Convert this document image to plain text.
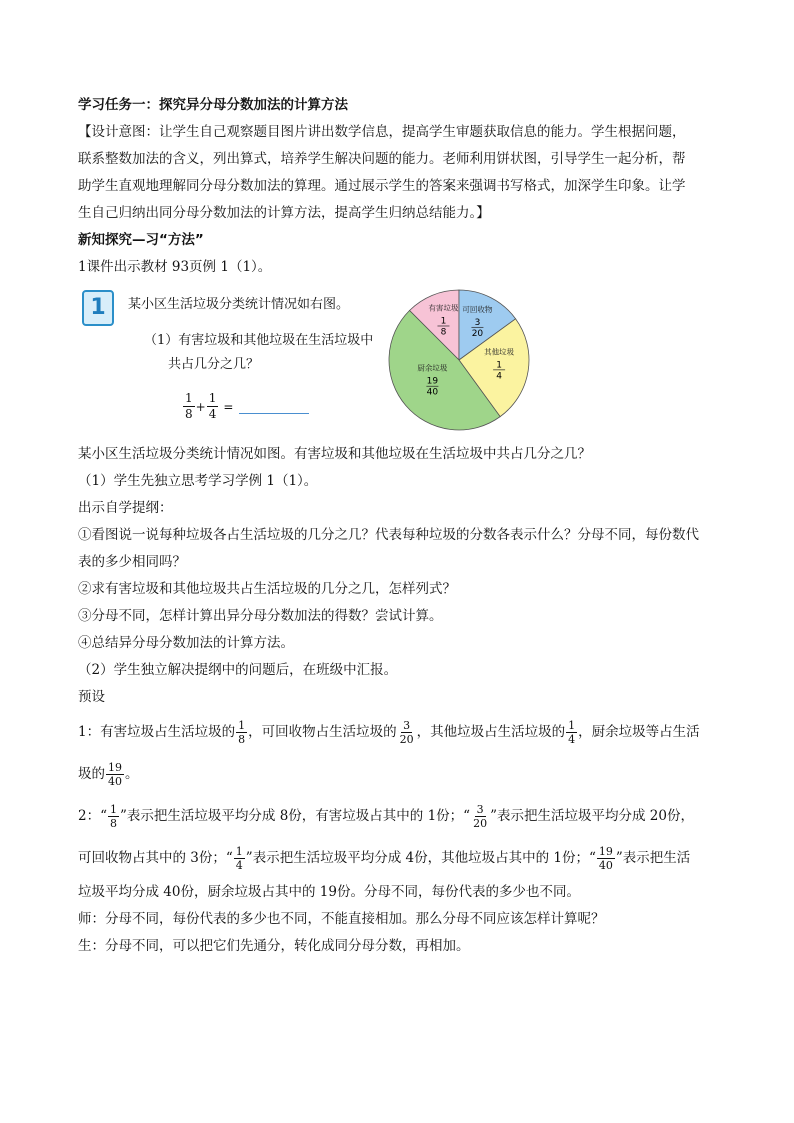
学习任务一：探究异分母分数加法的计算方法
【设计意图：让学生自己观察题目图片讲出数学信息，提高学生审题获取信息的能力。学生根据问题，
联系整数加法的含义，列出算式，培养学生解决问题的能力。老师利用饼状图，引导学生一起分析，帮
助学生直观地理解同分母分数加法的算理。通过展示学生的答案来强调书写格式，加深学生印象。让学
生自己归纳出同分母分数加法的计算方法，提高学生归纳总结能力。】
新知探究—习“方法”
1课件出示教材 93页例 1（1）。
1	某小区生活垃圾分类统计情况如右图。
（1）有害垃圾和其他垃圾在生活垃圾中
共占几分之几？
$\frac{1}{8} + \frac{1}{4}$ =
有害垃圾
1
8
可回收物
3
20
其他垃圾
1
4
厨余垃圾
19
40
某小区生活垃圾分类统计情况如图。有害垃圾和其他垃圾在生活垃圾中共占几分之几？
（1）学生先独立思考学习学例 1（1）。
出示自学提纲：
①看图说一说每种垃圾各占生活垃圾的几分之几？代表每种垃圾的分数各表示什么？分母不同，每份数代
表的多少相同吗？
②求有害垃圾和其他垃圾共占生活垃圾的几分之几，怎样列式？
③分母不同，怎样计算出异分母分数加法的得数？尝试计算。
④总结异分母分数加法的计算方法。
（2）学生独立解决提纲中的问题后，在班级中汇报。
预设
1：有害垃圾占生活垃圾的 $\frac{1}{8}$ ，可回收物占生活垃圾的 $\frac{3}{20}$ ，其他垃圾占生活垃圾的 $\frac{1}{4}$ ，厨余垃圾等占生活
圾的 $\frac{19}{40}$ 。
2：“ $\frac{1}{8}$ ”表示把生活垃圾平均分成 8份，有害垃圾占其中的 1份；“ $\frac{3}{20}$ ”表示把生活垃圾平均分成 20份，
可回收物占其中的 3份；“ $\frac{1}{4}$ ”表示把生活垃圾平均分成 4份，其他垃圾占其中的 1份；“ $\frac{19}{40}$ ”表示把生活
垃圾平均分成 40份，厨余垃圾占其中的 19份。分母不同，每份代表的多少也不同。
师：分母不同，每份代表的多少也不同，不能直接相加。那么分母不同应该怎样计算呢？
生：分母不同，可以把它们先通分，转化成同分母分数，再相加。
